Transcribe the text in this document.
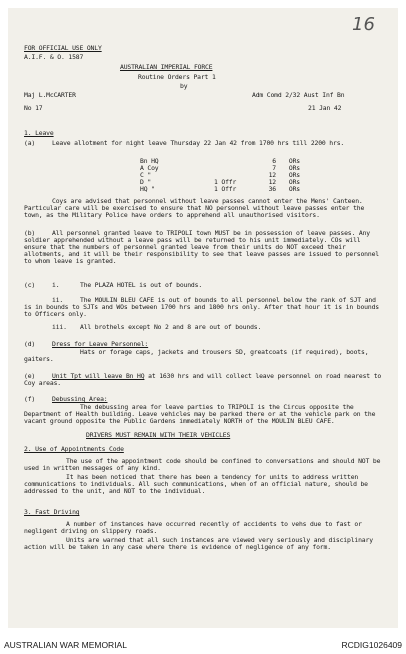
16
FOR OFFICIAL USE ONLY
A.I.F. & O. 1587
AUSTRALIAN IMPERIAL FORCE
Routine Orders Part 1
by
Maj L.McCARTER	Adm Comd 2/32 Aust Inf Bn
No 17	21 Jan 42
1. Leave
(a)	Leave allotment for night leave Thursday 22 Jan 42 from 1700 hrs till 2200 hrs.
Bn HQ		6	ORs
A Coy		7	ORs
C "		12	ORs
D "	1 Offr	12	ORs
HQ "	1 Offr	36	ORs
Coys are advised that personnel without leave passes cannot enter the Mens' Canteen. Particular care will be exercised to ensure that NO personnel without leave passes enter the town, as the Military Police have orders to apprehend all unauthorised visitors.
(b)	All personnel granted leave to TRIPOLI town MUST be in possession of leave passes. Any soldier apprehended without a leave pass will be returned to his unit immediately. COs will ensure that the numbers of personnel granted leave from their units do NOT exceed their allotments, and it will be their responsibility to see that leave passes are issued to personnel to whom leave is granted.
(c)	i.	The PLAZA HOTEL is out of bounds.
ii.	The MOULIN BLEU CAFE is out of bounds to all personnel below the rank of SJT and is in bounds to SJTs and WOs between 1700 hrs and 1800 hrs only. After that hour it is in bounds to Officers only.
iii. All brothels except No 2 and 8 are out of bounds.
(d)	Dress for Leave Personnel:
Hats or forage caps, jackets and trousers SD, greatcoats (if required), boots, gaiters.
(e)	Unit Tpt will leave Bn HQ at 1630 hrs and will collect leave personnel on road nearest to Coy areas.
(f)	Debussing Area:
The debussing area for leave parties to TRIPOLI is the Circus opposite the Department of Health building. Leave vehicles may be parked there or at the vehicle park on the vacant ground opposite the Public Gardens immediately NORTH of the MOULIN BLEU CAFE.
DRIVERS MUST REMAIN WITH THEIR VEHICLES
2. Use of Appointments Code
The use of the appointment code should be confined to conversations and should NOT be used in written messages of any kind.
It has been noticed that there has been a tendency for units to address written communications to individuals. All such communications, when of an official nature, should be addressed to the unit, and NOT to the individual.
3. Fast Driving
A number of instances have occurred recently of accidents to vehs due to fast or negligent driving on slippery roads.
Units are warned that all such instances are viewed very seriously and disciplinary action will be taken in any case where there is evidence of negligence of any form.
AUSTRALIAN WAR MEMORIAL	RCDIG1026409
